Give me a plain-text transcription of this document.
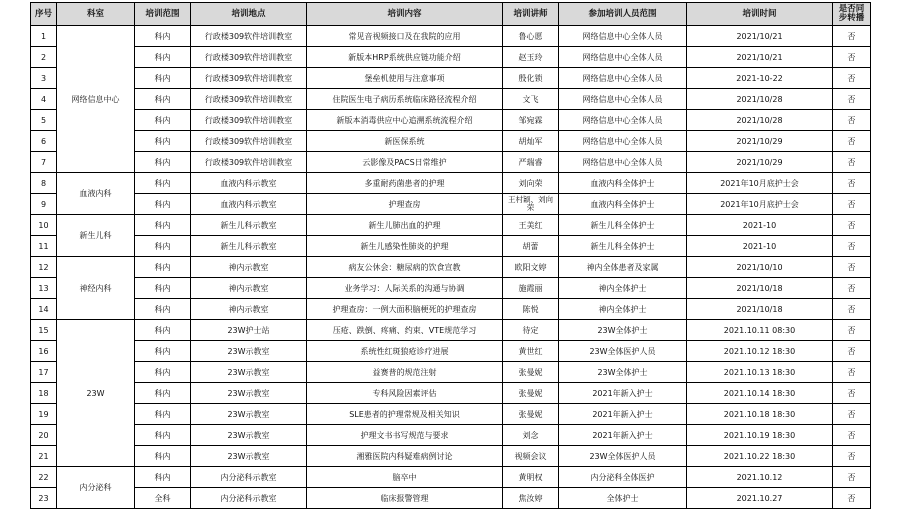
序号	科室	培训范围	培训地点	培训内容	培训讲师	参加培训人员范围	培训时间	是否同步转播
1	网络信息中心	科内	行政楼309软件培训教室	常见音视频接口及在我院的应用	鲁心愿	网络信息中心全体人员	2021/10/21	否
2		科内	行政楼309软件培训教室	新版本HRP系统供应链功能介绍	赵玉玲	网络信息中心全体人员	2021/10/21	否
3		科内	行政楼309软件培训教室	堡垒机使用与注意事项	殷化锁	网络信息中心全体人员	2021-10-22	否
4		科内	行政楼309软件培训教室	住院医生电子病历系统临床路径流程介绍	文飞	网络信息中心全体人员	2021/10/28	否
5		科内	行政楼309软件培训教室	新版本消毒供应中心追溯系统流程介绍	邹宛霖	网络信息中心全体人员	2021/10/28	否
6		科内	行政楼309软件培训教室	新医保系统	胡灿军	网络信息中心全体人员	2021/10/29	否
7		科内	行政楼309软件培训教室	云影像及PACS日常维护	严瑞睿	网络信息中心全体人员	2021/10/29	否
8	血液内科	科内	血液内科示教室	多重耐药菌患者的护理	刘向荣	血液内科全体护士	2021年10月底护士会	否
9		科内	血液内科示教室	护理查房	王村颖、刘向荣	血液内科全体护士	2021年10月底护士会	否
10	新生儿科	科内	新生儿科示教室	新生儿肺出血的护理	王美红	新生儿科全体护士	2021-10	否
11		科内	新生儿科示教室	新生儿感染性肺炎的护理	胡蕾	新生儿科全体护士	2021-10	否
12	神经内科	科内	神内示教室	病友公休会：糖尿病的饮食宣教	欧阳文婷	神内全体患者及家属	2021/10/10	否
13		科内	神内示教室	业务学习：人际关系的沟通与协调	施霞丽	神内全体护士	2021/10/18	否
14		科内	神内示教室	护理查房：一例大面积脑梗死的护理查房	陈悦	神内全体护士	2021/10/18	否
15	23W	科内	23W护士站	压疮、跌倒、疼痛、约束、VTE规范学习	待定	23W全体护士	2021.10.11 08:30	否
16		科内	23W示教室	系统性红斑狼疮诊疗进展	黄世红	23W全体医护人员	2021.10.12 18:30	否
17		科内	23W示教室	益赛普的规范注射	张曼妮	23W全体护士	2021.10.13 18:30	否
18		科内	23W示教室	专科风险因素评估	张曼妮	2021年新入护士	2021.10.14 18:30	否
19		科内	23W示教室	SLE患者的护理常规及相关知识	张曼妮	2021年新入护士	2021.10.18 18:30	否
20		科内	23W示教室	护理文书书写规范与要求	刘念	2021年新入护士	2021.10.19 18:30	否
21		科内	23W示教室	湘雅医院内科疑难病例讨论	视频会议	23W全体医护人员	2021.10.22 18:30	否
22	内分泌科	科内	内分泌科示教室	脑卒中	黄明权	内分泌科全体医护	2021.10.12	否
23		全科	内分泌科示教室	临床报警管理	焦汝婷	全体护士	2021.10.27	否
